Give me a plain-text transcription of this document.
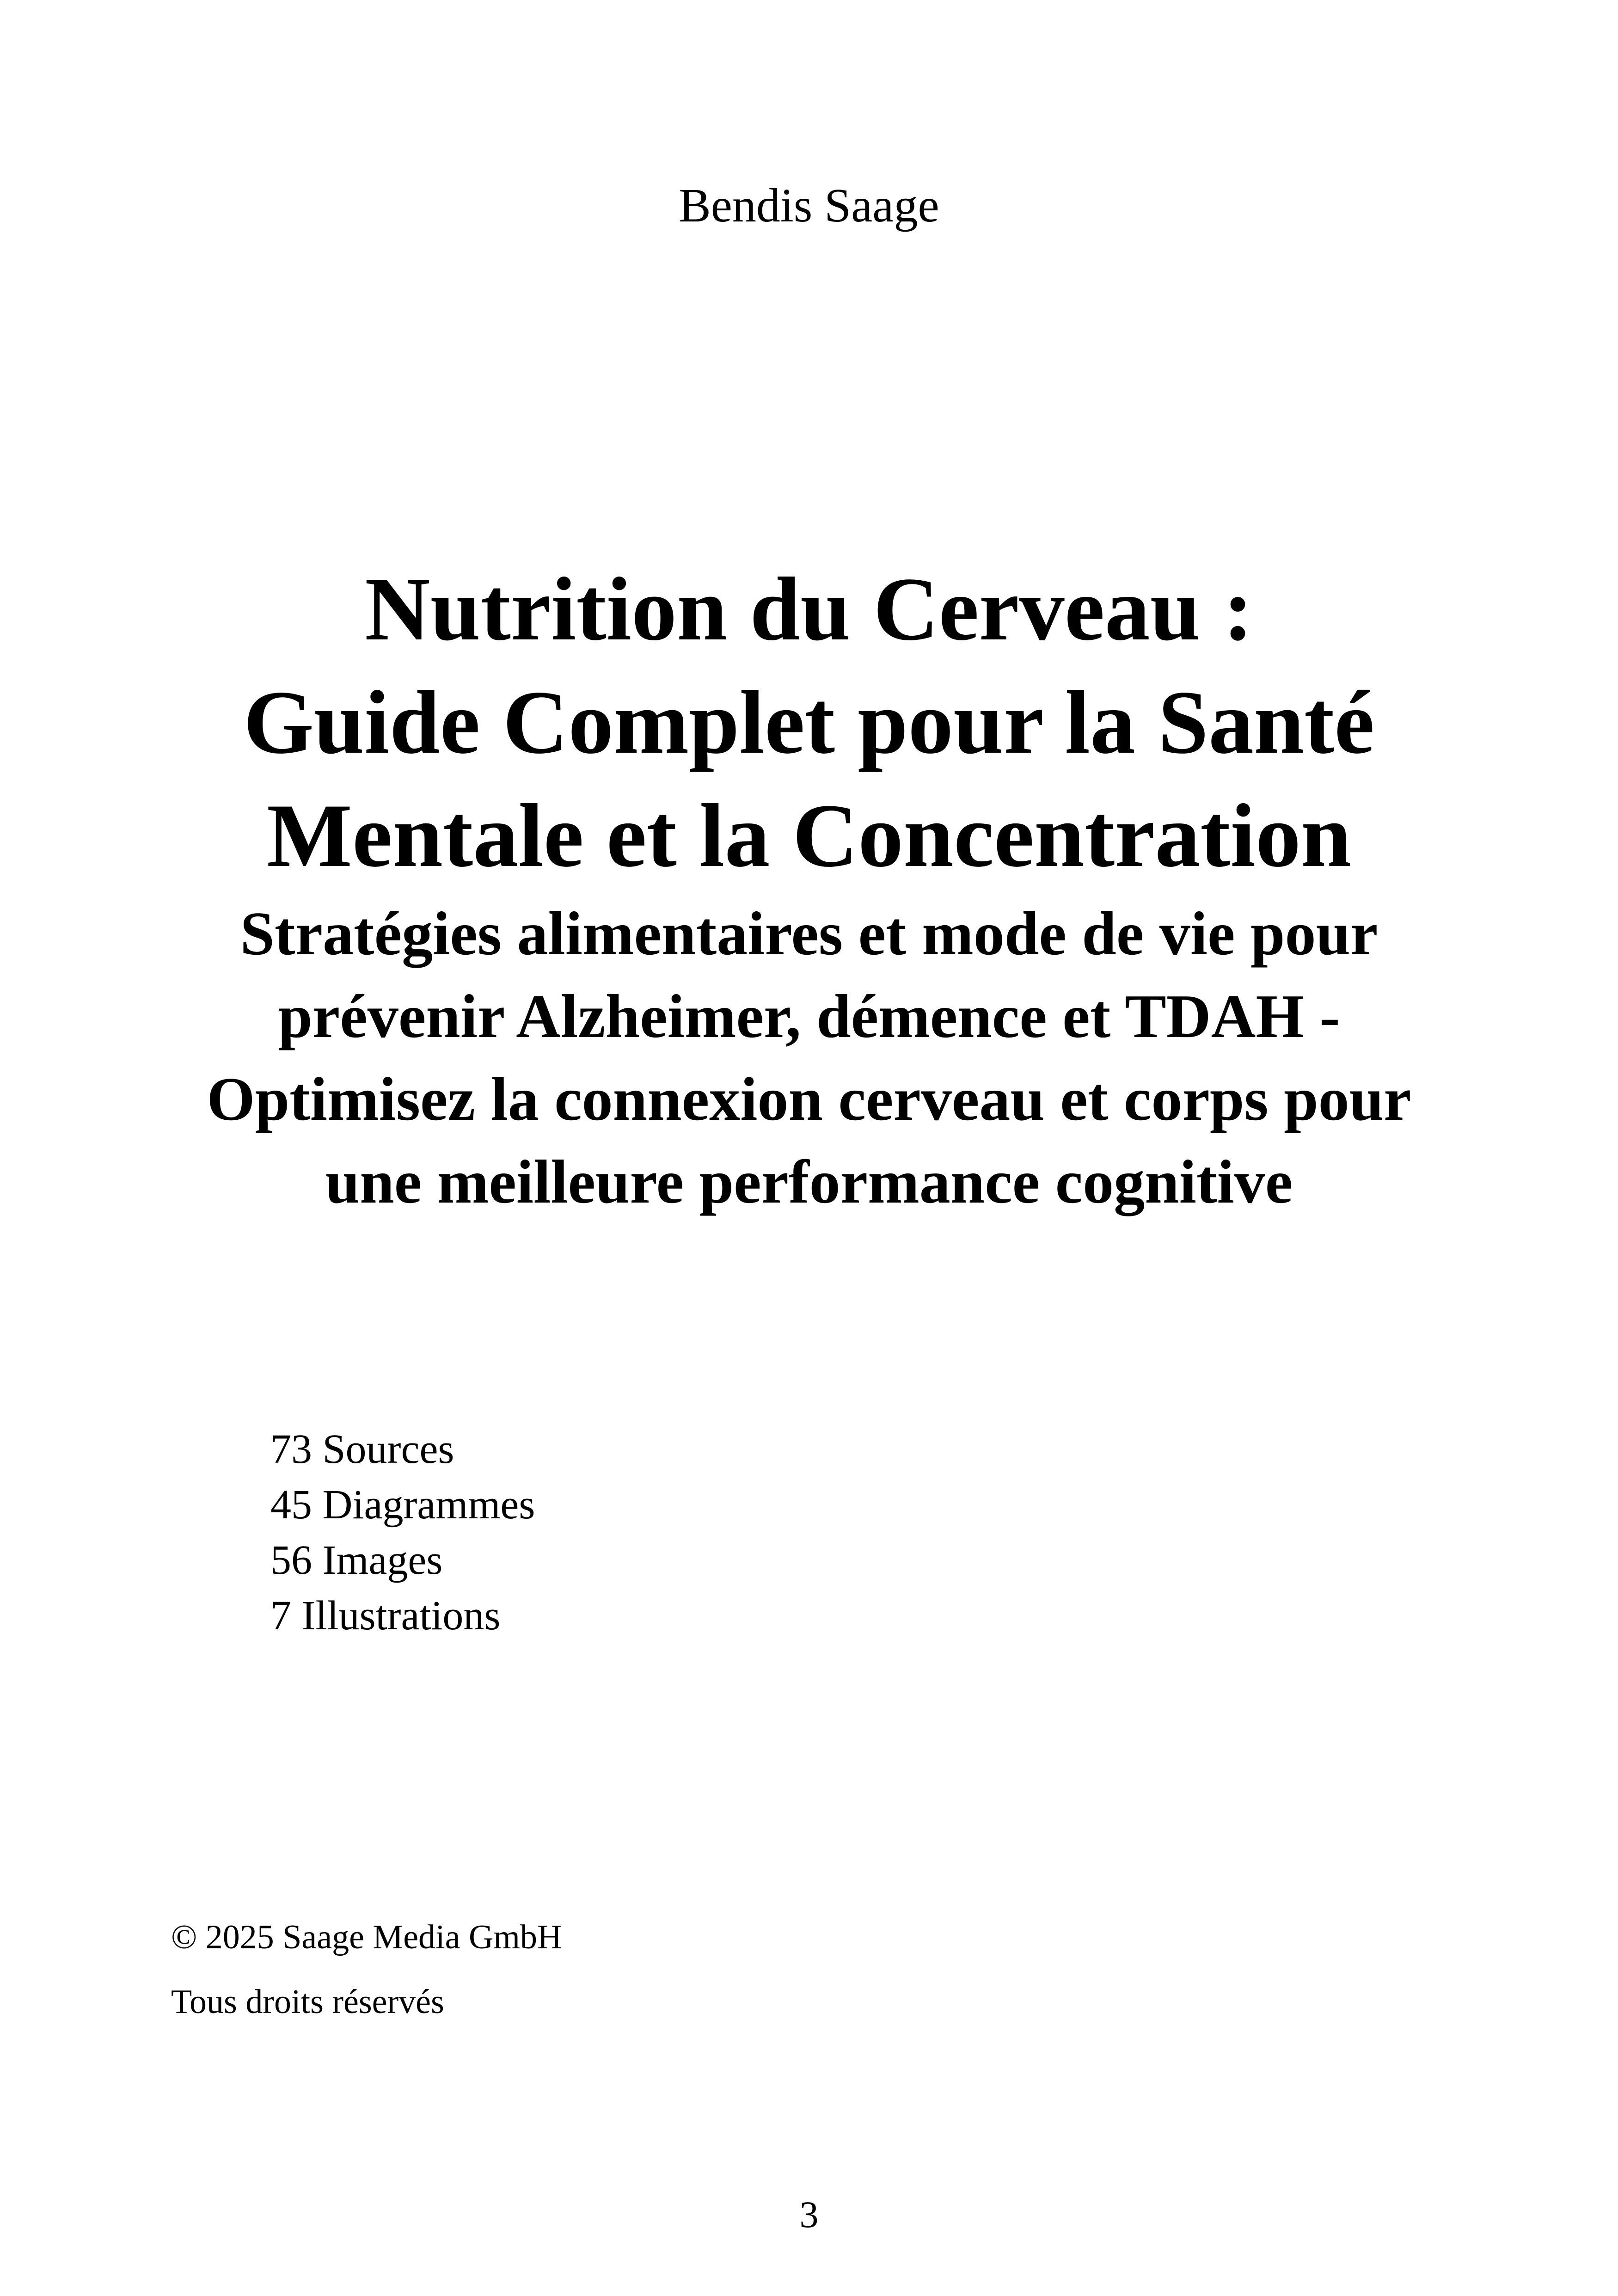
Bendis Saage
Nutrition du Cerveau :
Guide Complet pour la Santé
Mentale et la Concentration
Stratégies alimentaires et mode de vie pour
prévenir Alzheimer, démence et TDAH -
Optimisez la connexion cerveau et corps pour
une meilleure performance cognitive
73 Sources
45 Diagrammes
56 Images
7 Illustrations
© 2025 Saage Media GmbH
Tous droits réservés
3
